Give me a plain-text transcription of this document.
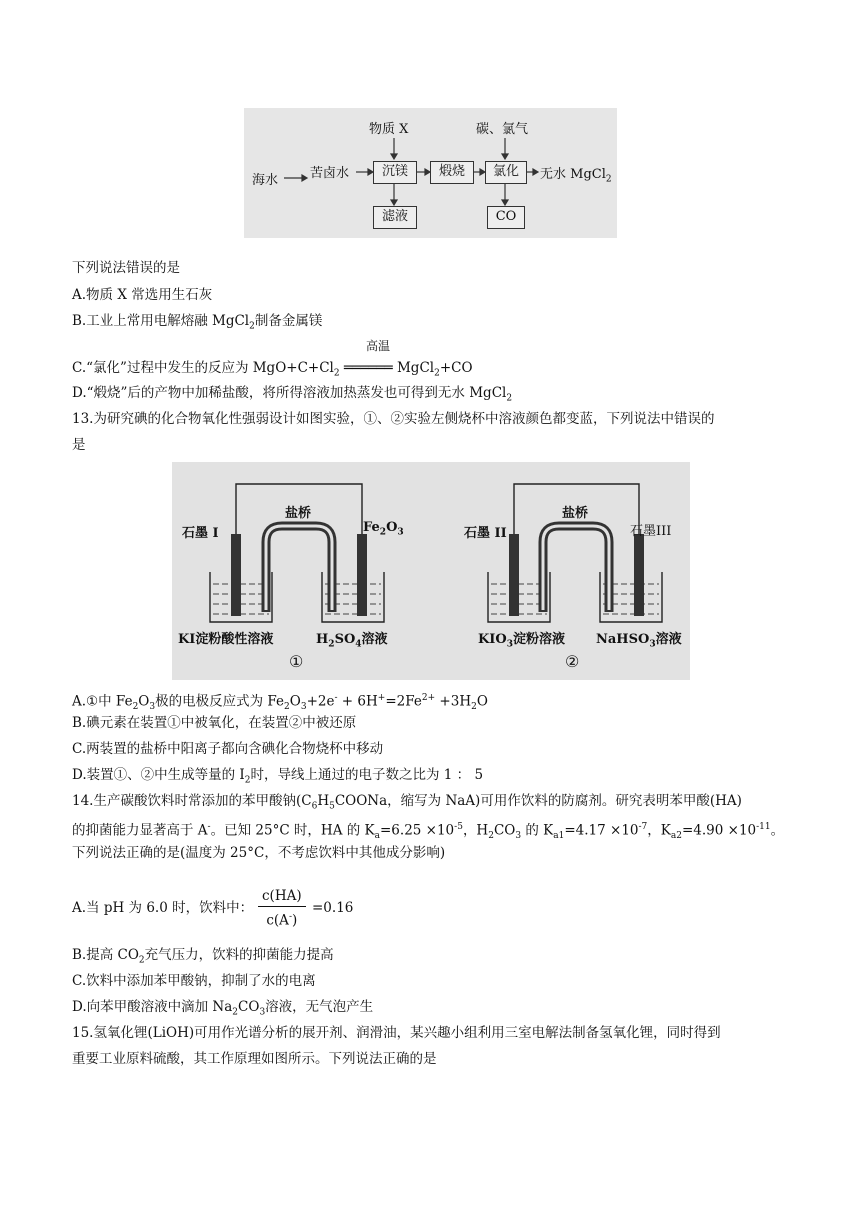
物质 X	碳、氯气
海水 苦卤水	沉镁	煅烧	氯化	无水 MgCl$_2$
滤液	CO
下列说法错误的是
A.物质 X 常选用生石灰
B.工业上常用电解熔融 MgCl$_2$制备金属镁
高温
C.“氯化”过程中发生的反应为 $MgO+C+Cl_2$ ══════ MgCl$_2$+CO
D.“煅烧”后的产物中加稀盐酸，将所得溶液加热蒸发也可得到无水 MgCl$_2$
13.为研究碘的化合物氧化性强弱设计如图实验，①、②实验左侧烧杯中溶液颜色都变蓝，下列说法中错误的
是
盐桥	盐桥
石墨 I	$Fe_2O_3$	石墨 II	石墨III
KI淀粉酸性溶液	$H_2SO_4$溶液	$KIO_3$淀粉溶液 NaHSO$_3$溶液
①	②
A.①中 $Fe_2O_3$极的电极反应式为 $Fe_2O_3+2e^- + 6H^+=2Fe^{2+} +3H_2O$
B.碘元素在装置①中被氧化，在装置②中被还原
C.两装置的盐桥中阳离子都向含碘化合物烧杯中移动
D.装置①、②中生成等量的 $I_2$时，导线上通过的电子数之比为 1 ： 5
14.生产碳酸饮料时常添加的苯甲酸钠($C_6H_5COONa$，缩写为 NaA)可用作饮料的防腐剂。研究表明苯甲酸(HA)
的抑菌能力显著高于 A-。已知 25°C 时，HA 的 $K_a=6.25 \times 10^{-5}$，$H_2CO_3$ 的 $K_{a1}=4.17 \times 10^{-7}$，$K_{a2}=4.90 \times 10^{-11}$。
下列说法正确的是(温度为 25°C，不考虑饮料中其他成分影响)
A.当 pH 为 6.0 时，饮料中： $\frac{c(HA)}{c(A^-)} =0.16$
B.提高 $CO_2$充气压力，饮料的抑菌能力提高
C.饮料中添加苯甲酸钠，抑制了水的电离
D.向苯甲酸溶液中滴加 $Na_2CO_3$溶液，无气泡产生
15.氢氧化锂(LiOH)可用作光谱分析的展开剂、润滑油，某兴趣小组利用三室电解法制备氢氧化锂，同时得到
重要工业原料硫酸，其工作原理如图所示。下列说法正确的是
